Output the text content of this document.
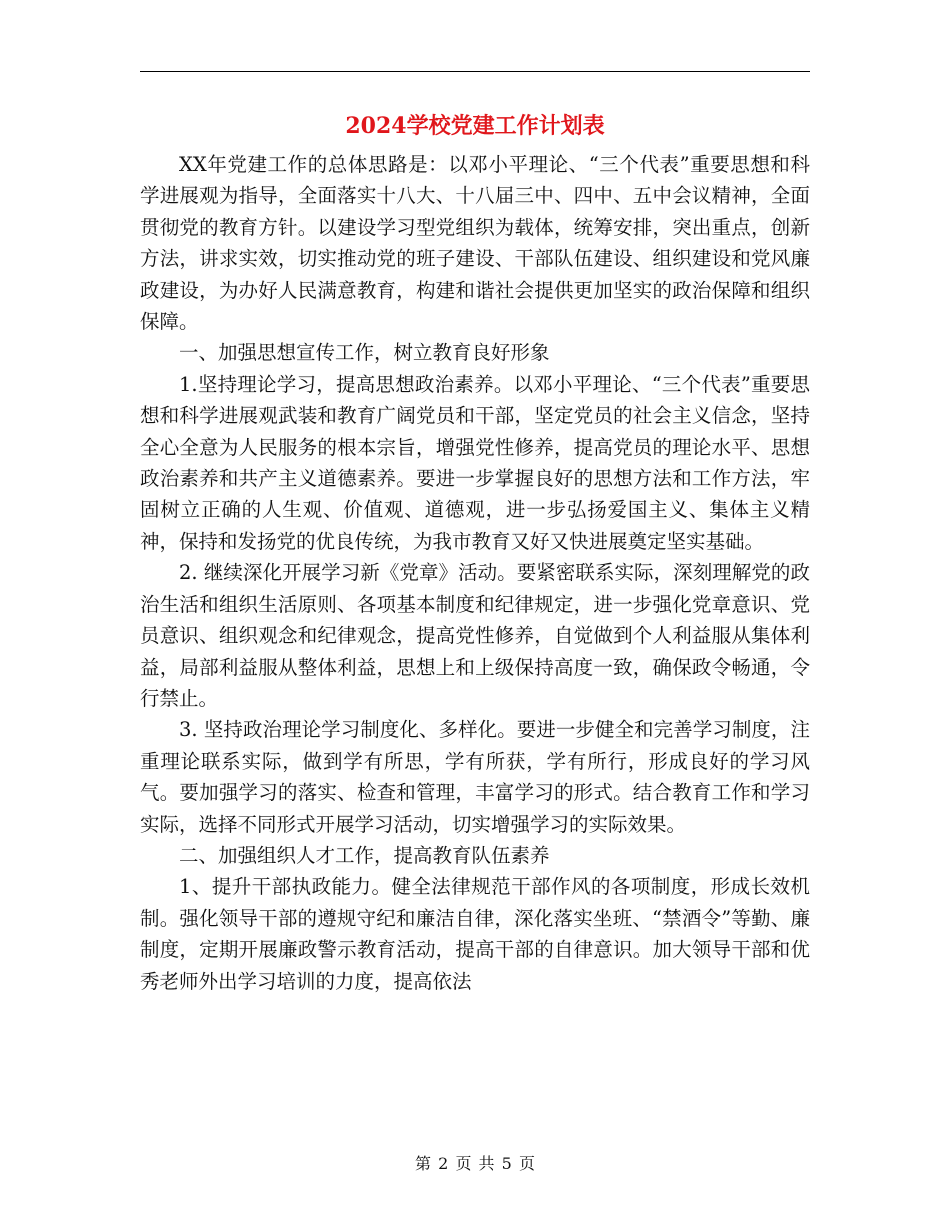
2024学校党建工作计划表

XX年党建工作的总体思路是：以邓小平理论、“三个代表”重要思想和科学进展观为指导，全面落实十八大、十八届三中、四中、五中会议精神，全面贯彻党的教育方针。以建设学习型党组织为载体，统筹安排，突出重点，创新方法，讲求实效，切实推动党的班子建设、干部队伍建设、组织建设和党风廉政建设，为办好人民满意教育，构建和谐社会提供更加坚实的政治保障和组织保障。

一、加强思想宣传工作，树立教育良好形象

1.坚持理论学习，提高思想政治素养。以邓小平理论、“三个代表”重要思想和科学进展观武装和教育广阔党员和干部，坚定党员的社会主义信念，坚持全心全意为人民服务的根本宗旨，增强党性修养，提高党员的理论水平、思想政治素养和共产主义道德素养。要进一步掌握良好的思想方法和工作方法，牢固树立正确的人生观、价值观、道德观，进一步弘扬爱国主义、集体主义精神，保持和发扬党的优良传统，为我市教育又好又快进展奠定坚实基础。

2. 继续深化开展学习新《党章》活动。要紧密联系实际，深刻理解党的政治生活和组织生活原则、各项基本制度和纪律规定，进一步强化党章意识、党员意识、组织观念和纪律观念，提高党性修养，自觉做到个人利益服从集体利益，局部利益服从整体利益，思想上和上级保持高度一致，确保政令畅通，令行禁止。

3. 坚持政治理论学习制度化、多样化。要进一步健全和完善学习制度，注重理论联系实际，做到学有所思，学有所获，学有所行，形成良好的学习风气。要加强学习的落实、检查和管理，丰富学习的形式。结合教育工作和学习实际，选择不同形式开展学习活动，切实增强学习的实际效果。

二、加强组织人才工作，提高教育队伍素养

1、提升干部执政能力。健全法律规范干部作风的各项制度，形成长效机制。强化领导干部的遵规守纪和廉洁自律，深化落实坐班、“禁酒令”等勤、廉制度，定期开展廉政警示教育活动，提高干部的自律意识。加大领导干部和优秀老师外出学习培训的力度，提高依法

第 2 页 共 5 页
